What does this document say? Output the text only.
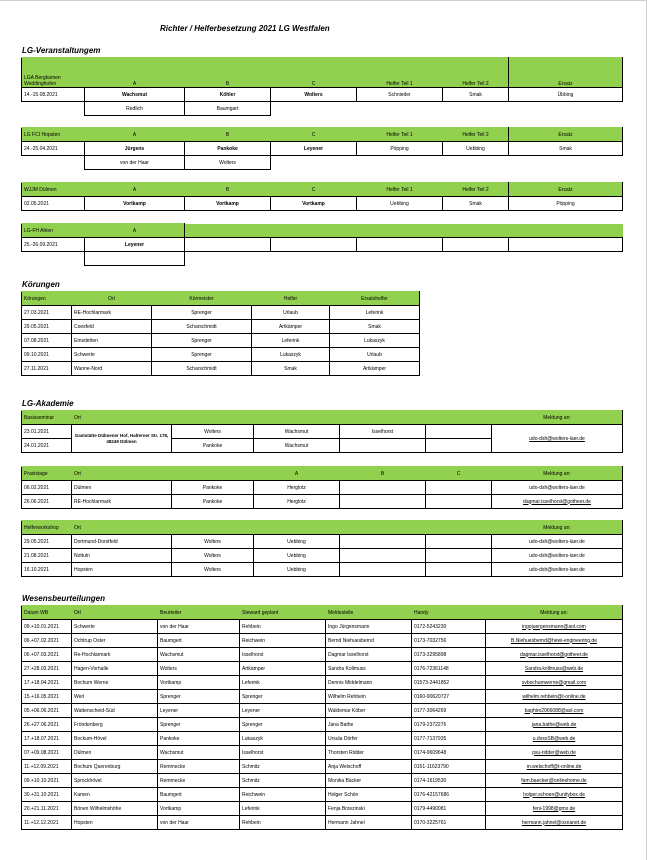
Richter / Helferbesetzung 2021 LG Westfalen
LG-Veranstaltungem
LGA Bergkamen Weddinghofen	A	B	C	Helfer Teil 1	Helfer Teil 2	Ersatz
14.-15.08.2021	Wachsmut	Köhler	Wolters	Schnieder	Smak	Übbing
	Redlich	Baumgart				
LG FCI Hopsten	A	B	C	Helfer Teil 1	Helfer Teil 2	Ersatz
24.-25.04.2021	Jürgens	Pankoke	Leyener	Pöpping	Uebbing	Smak
	von der Haar	Wolters				
WJJM Dülmen	A	B	C	Helfer Teil 1	Helfer Teil 2	Ersatz
02.05.2021	Vortkamp	Vortkamp	Vortkamp	Uebbing	Smak	Pöpping
LG-FH Ahlen	A					
25.-26.09.2021	Leyener					

Körungen
Körungen	Ort	Körmeister	Helfer	Ersatzhelfer
27.03.2021	RE-Hochlarmark	Sprenger	Urlaub	Leferink
29.05.2021	Coesfeld	Scharschmidt	Artkämper	Smak
07.08.2021	Emsdetten	Sprenger	Leferink	Lukaszyk
09.10.2021	Schwerte	Sprenger	Lukaszyk	Urlaub
27.11.2021	Wanne-Nord	Scharschmidt	Smak	Artkämper
LG-Akademie
Basisseminar	Ort					Meldung an:
23.01.2021	Gaststätte Dülmener Hof, Halterner Str. 178, 48249 Dülmen	Wolters	Wachsmut	Isselhorst		udo-dsh@wolters-laer.de
24.01.2021		Pankoke	Wachsmut			
Praxistage	Ort		A	B	C	Meldung an:
06.02.2021	Dülmen	Pankoke	Herglotz			udo-dsh@wolters-laer.de
26.06.2021	RE-Hochlarmark	Pankoke	Herglotz			dagmar.isselhorst@gotheer.de
Helferworkshop	Ort					Meldung an:
29.05.2021	Dortmund-Dorstfeld	Wolters	Uebbing			udo-dsh@wolters-laer.de
21.08.2021	Nottuln	Wolters	Uebbing			udo-dsh@wolters-laer.de
16.10.2021	Hopsten	Wolters	Uebbing			udo-dsh@wolters-laer.de
Wesensbeurteilungen
Datum WB	Ort	Beurteiler	Steward geplant	Meldestelle	Handy	Meldung an:
09.+10.01.2021	Schwerte	von der Haar	Rehbein	Ingo Jürgensmann	0172-5243230	ingojuergensmann@aol.com
06.+07.02.2021	Ochtrup Oster	Baumgert	Reichwein	Bernd Niehuesbernd	0173-7032756	B.Niehuesbernd@hewi-engineering.de
06.+07.03.2021	Re-Hochlarmark	Wachsmut	Isselhorst	Dagmar Isselhorst	0173-3295898	dagmar.isselhorst@gotheer.de
27.+28.03.2021	Hagen-Vorhalle	Wolters	Artkämper	Sandra Kollmuss	0176-72361148	Sandra.kollmuss@web.de
17.+18.04.2021	Bochum Werne	Vortkamp	Leferink	Dennis Middelmann	01573-2441852	svbochumwerne@gmail.com
15.+16.05.2021	Werl	Sprenger	Sprenger	Wilhelm Rehbein	0160-90620727	wilhelm.rehbein@t-online.de
05.+06.06.2021	Wattenscheid-Süd	Leyener	Leyener	Waldemar Köber	0177-3064269	baghiro2066088@aol.com
26.+27.06.2021	Fröndenberg	Sprenger	Sprenger	Jana Bathe	0179-2372276	jana.bathe@web.de
17.+18.07.2021	Bockum-Hövel	Pankoke	Lukaszyk	Ursula Dörfer	0177-7137935	u.dossSB@web.de
07.+09.08.2021	Dülmen	Wachsmut	Isselhorst	Thorsten Ridder	0174-9609648	psu-ridder@web.de
11.+12.09.2021	Bochum Querenburg	Remmecke	Schmitz	Anja Welschoff	0151-11623790	m.welschoff@t-online.de
09.+10.10.2021	Sprockhövel	Remmecke	Schmitz	Monika Bäcker	0174-1619530	fam.baecker@onlinehome.de
30.+31.10.2021	Kamen	Baumgert	Reichwein	Holger Schön	0176-42157686	holger.schoen@unitybox.de
20.+21.11.2021	Bönen Wilhelmshöhe	Vortkamp	Leferink	Fenja Brzezinski	0179-4490081	feni-1998@gmx.de
11.+12.12.2021	Hopsten	von der Haar	Rehbein	Hermann Jahnel	0170-3225761	hermann.jahnel@osnanet.de
